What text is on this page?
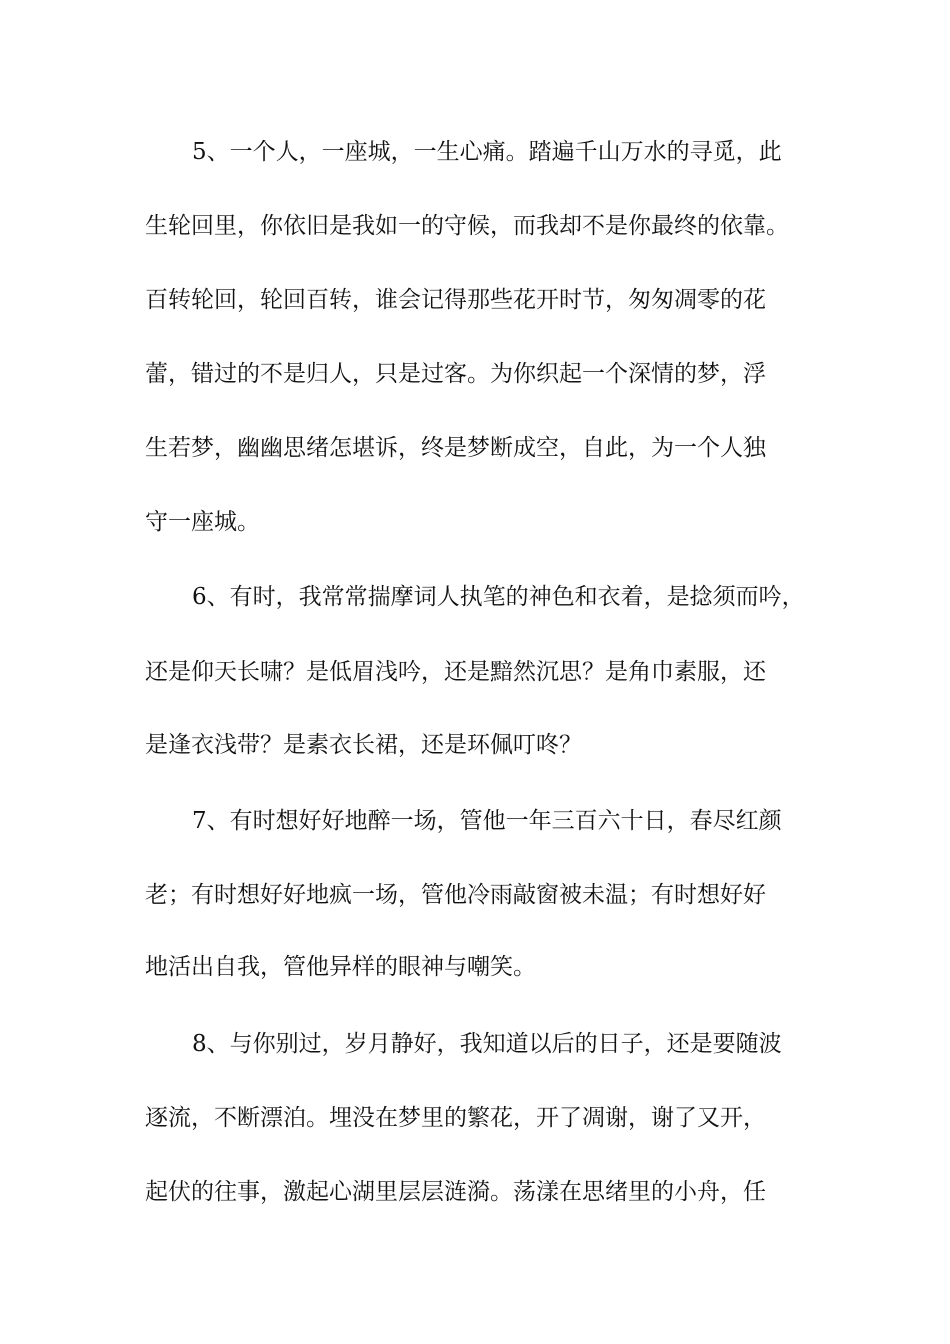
5、一个人，一座城，一生心痛。踏遍千山万水的寻觅，此
生轮回里，你依旧是我如一的守候，而我却不是你最终的依靠。
百转轮回，轮回百转，谁会记得那些花开时节，匆匆凋零的花
蕾，错过的不是归人，只是过客。为你织起一个深情的梦，浮
生若梦，幽幽思绪怎堪诉，终是梦断成空，自此，为一个人独
守一座城。
6、有时，我常常揣摩词人执笔的神色和衣着，是捻须而吟，
还是仰天长啸？是低眉浅吟，还是黯然沉思？是角巾素服，还
是逢衣浅带？是素衣长裙，还是环佩叮咚？
7、有时想好好地醉一场，管他一年三百六十日，春尽红颜
老；有时想好好地疯一场，管他冷雨敲窗被未温；有时想好好
地活出自我，管他异样的眼神与嘲笑。
8、与你别过，岁月静好，我知道以后的日子，还是要随波
逐流，不断漂泊。埋没在梦里的繁花，开了凋谢，谢了又开，
起伏的往事，激起心湖里层层涟漪。荡漾在思绪里的小舟，任
